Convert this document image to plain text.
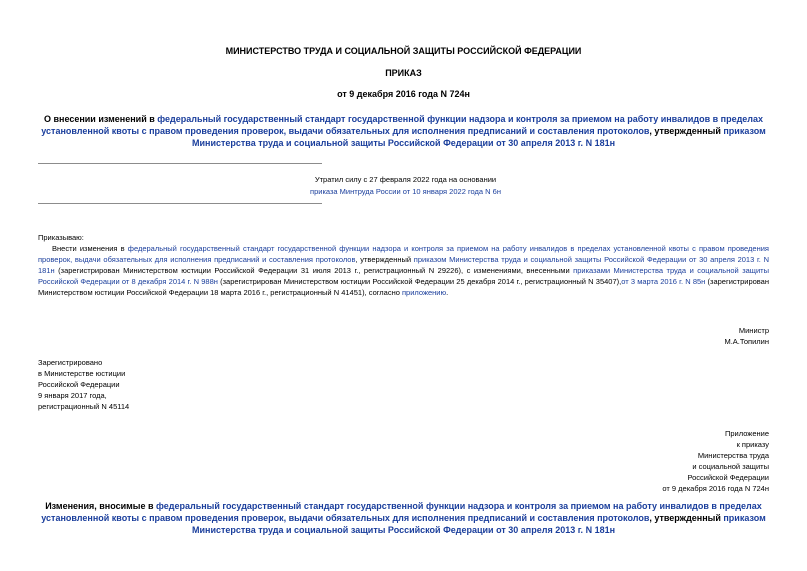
МИНИСТЕРСТВО ТРУДА И СОЦИАЛЬНОЙ ЗАЩИТЫ РОССИЙСКОЙ ФЕДЕРАЦИИ
ПРИКАЗ
от 9 декабря 2016 года N 724н
О внесении изменений в федеральный государственный стандарт государственной функции надзора и контроля за приемом на работу инвалидов в пределах установленной квоты с правом проведения проверок, выдачи обязательных для исполнения предписаний и составления протоколов, утвержденный приказом Министерства труда и социальной защиты Российской Федерации от 30 апреля 2013 г. N 181н
Утратил силу с 27 февраля 2022 года на основании
приказа Минтруда России от 10 января 2022 года N 6н

Приказываю:

Внести изменения в федеральный государственный стандарт государственной функции надзора и контроля за приемом на работу инвалидов в пределах установленной квоты с правом проведения проверок, выдачи обязательных для исполнения предписаний и составления протоколов, утвержденный приказом Министерства труда и социальной защиты Российской Федерации от 30 апреля 2013 г. N 181н (зарегистрирован Министерством юстиции Российской Федерации 31 июля 2013 г., регистрационный N 29226), с изменениями, внесенными приказами Министерства труда и социальной защиты Российской Федерации от 8 декабря 2014 г. N 988н (зарегистрирован Министерством юстиции Российской Федерации 25 декабря 2014 г., регистрационный N 35407),от 3 марта 2016 г. N 85н (зарегистрирован Министерством юстиции Российской Федерации 18 марта 2016 г., регистрационный N 41451), согласно приложению.

Министр
М.А.Топилин
Зарегистрировано
в Министерстве юстиции
Российской Федерации
9 января 2017 года,
регистрационный N 45114
Приложение
к приказу
Министерства труда
и социальной защиты
Российской Федерации
от 9 декабря 2016 года N 724н
Изменения, вносимые в федеральный государственный стандарт государственной функции надзора и контроля за приемом на работу инвалидов в пределах установленной квоты с правом проведения проверок, выдачи обязательных для исполнения предписаний и составления протоколов, утвержденный приказом Министерства труда и социальной защиты Российской Федерации от 30 апреля 2013 г. N 181н
